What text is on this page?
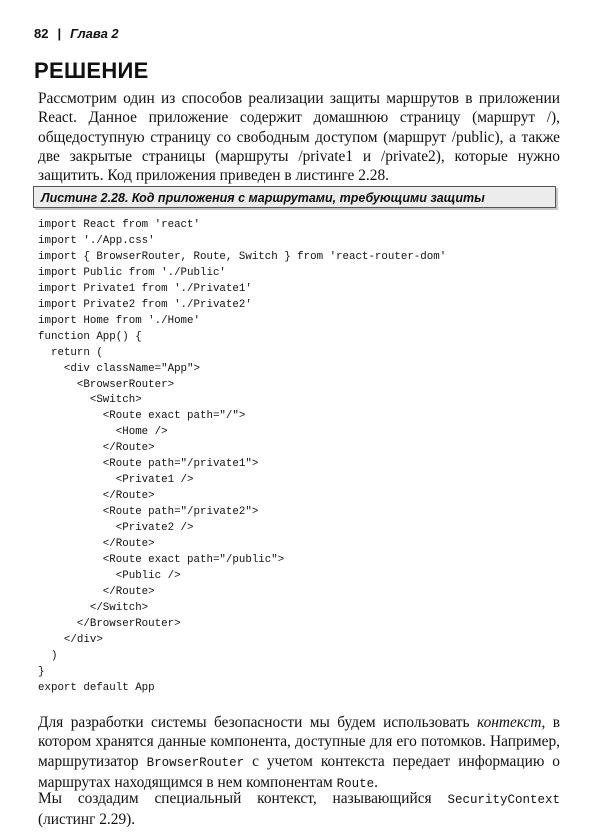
82 | Глава 2
РЕШЕНИЕ

Рассмотрим один из способов реализации защиты маршрутов в приложении React. Данное приложение содержит домашнюю страницу (маршрут /), общедоступную страницу со свободным доступом (маршрут /public), а также две закрытые страницы (маршруты /private1 и /private2), которые нужно защитить. Код приложения приведен в листинге 2.28.

Листинг 2.28. Код приложения с маршрутами, требующими защиты
import React from 'react'
import './App.css'
import { BrowserRouter, Route, Switch } from 'react-router-dom'
import Public from './Public'
import Private1 from './Private1'
import Private2 from './Private2'
import Home from './Home'
function App() {
return (
<div className="App">
<BrowserRouter>
<Switch>
<Route exact path="/">
<Home />
</Route>
<Route path="/private1">
<Private1 />
</Route>
<Route path="/private2">
<Private2 />
</Route>
<Route exact path="/public">
<Public />
</Route>
</Switch>
</BrowserRouter>
</div>
)
}
export default App

Для разработки системы безопасности мы будем использовать контекст, в котором хранятся данные компонента, доступные для его потомков. Например, маршрутизатор BrowserRouter с учетом контекста передает информацию о маршрутах находящимся в нем компонентам Route.

Мы создадим специальный контекст, называющийся SecurityContext (листинг 2.29).
